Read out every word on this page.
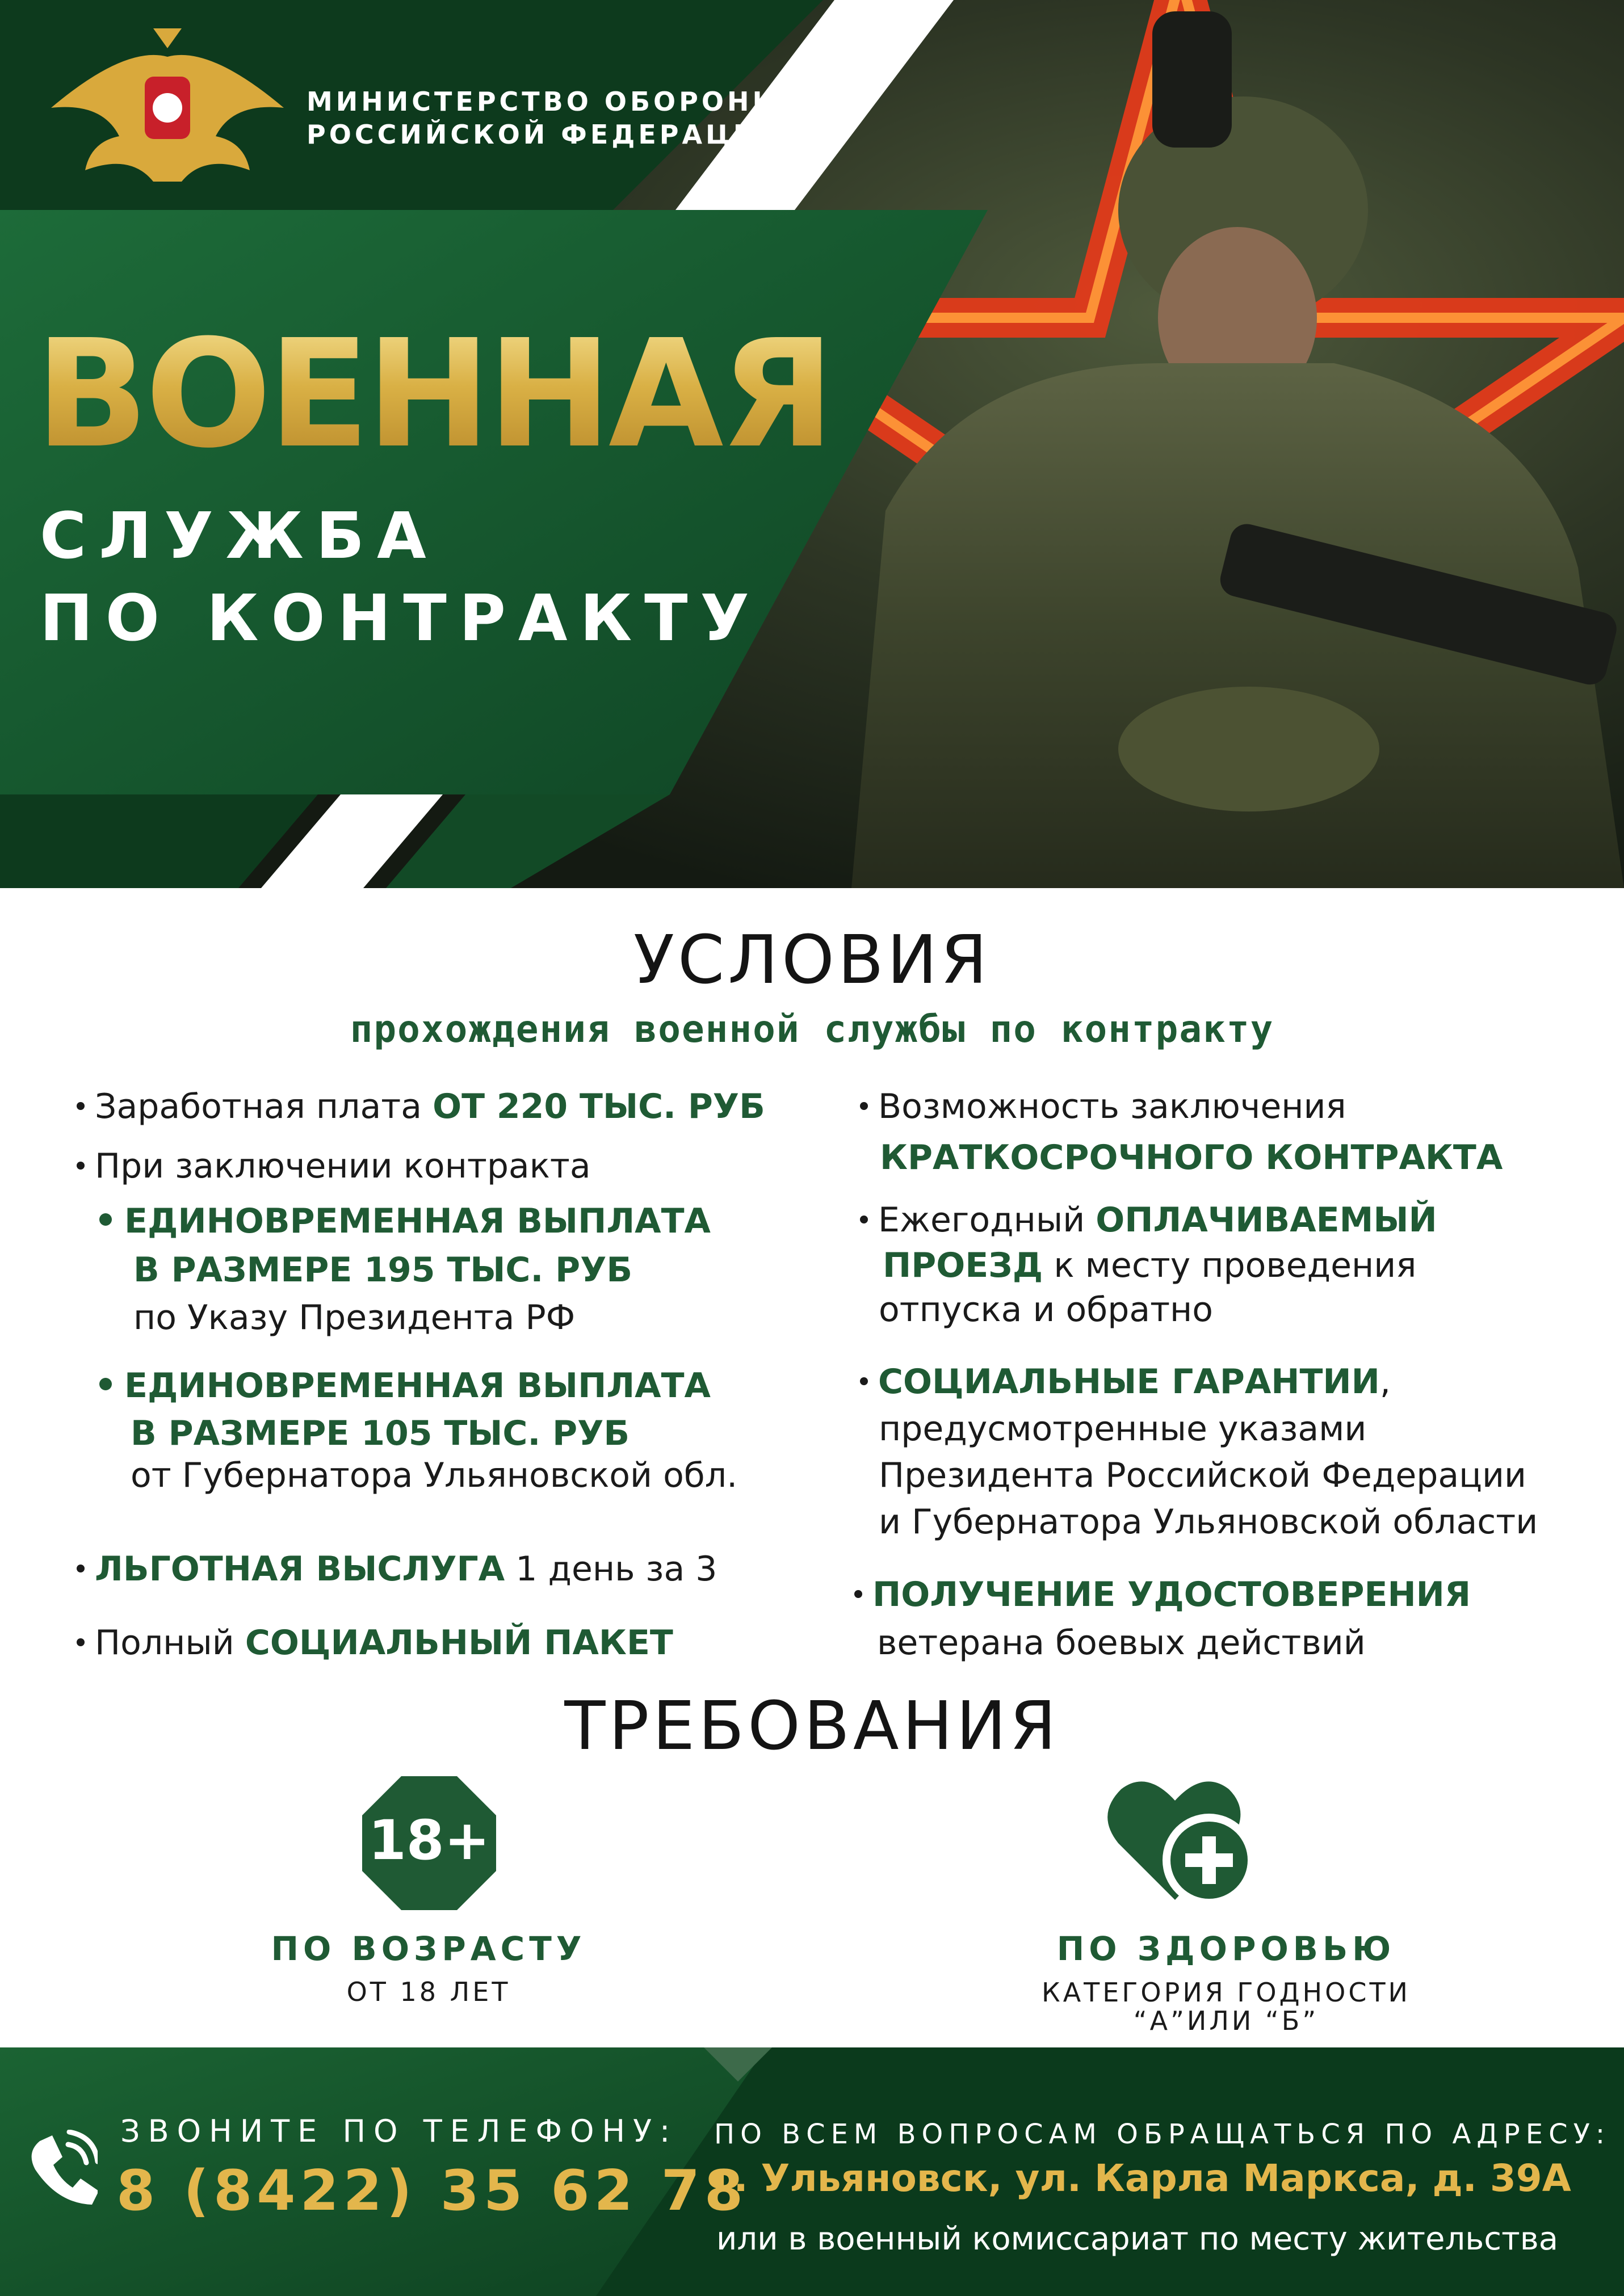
МИНИСТЕРСТВО ОБОРОНЫ
РОССИЙСКОЙ ФЕДЕРАЦИИ
ВОЕННАЯ
СЛУЖБА
ПО КОНТРАКТУ
УСЛОВИЯ
прохождения военной службы по контракту
Заработная плата ОТ 220 ТЫС. РУБ
При заключении контракта
ЕДИНОВРЕМЕННАЯ ВЫПЛАТА
В РАЗМЕРЕ 195 ТЫС. РУБ
по Указу Президента РФ
ЕДИНОВРЕМЕННАЯ ВЫПЛАТА
В РАЗМЕРЕ 105 ТЫС. РУБ
от Губернатора Ульяновской обл.
ЛЬГОТНАЯ ВЫСЛУГА 1 день за 3
Полный СОЦИАЛЬНЫЙ ПАКЕТ
Возможность заключения
КРАТКОСРОЧНОГО КОНТРАКТА
Ежегодный ОПЛАЧИВАЕМЫЙ
ПРОЕЗД к месту проведения
отпуска и обратно
СОЦИАЛЬНЫЕ ГАРАНТИИ,
предусмотренные указами
Президента Российской Федерации
и Губернатора Ульяновской области
ПОЛУЧЕНИЕ УДОСТОВЕРЕНИЯ
ветерана боевых действий
ТРЕБОВАНИЯ
18+
ПО ВОЗРАСТУ
ОТ 18 ЛЕТ
ПО ЗДОРОВЬЮ
КАТЕГОРИЯ ГОДНОСТИ
“А”ИЛИ “Б”
ЗВОНИТЕ ПО ТЕЛЕФОНУ:
8 (8422) 35 62 78
ПО ВСЕМ ВОПРОСАМ ОБРАЩАТЬСЯ ПО АДРЕСУ:
г. Ульяновск, ул. Карла Маркса, д. 39А
или в военный комиссариат по месту жительства
